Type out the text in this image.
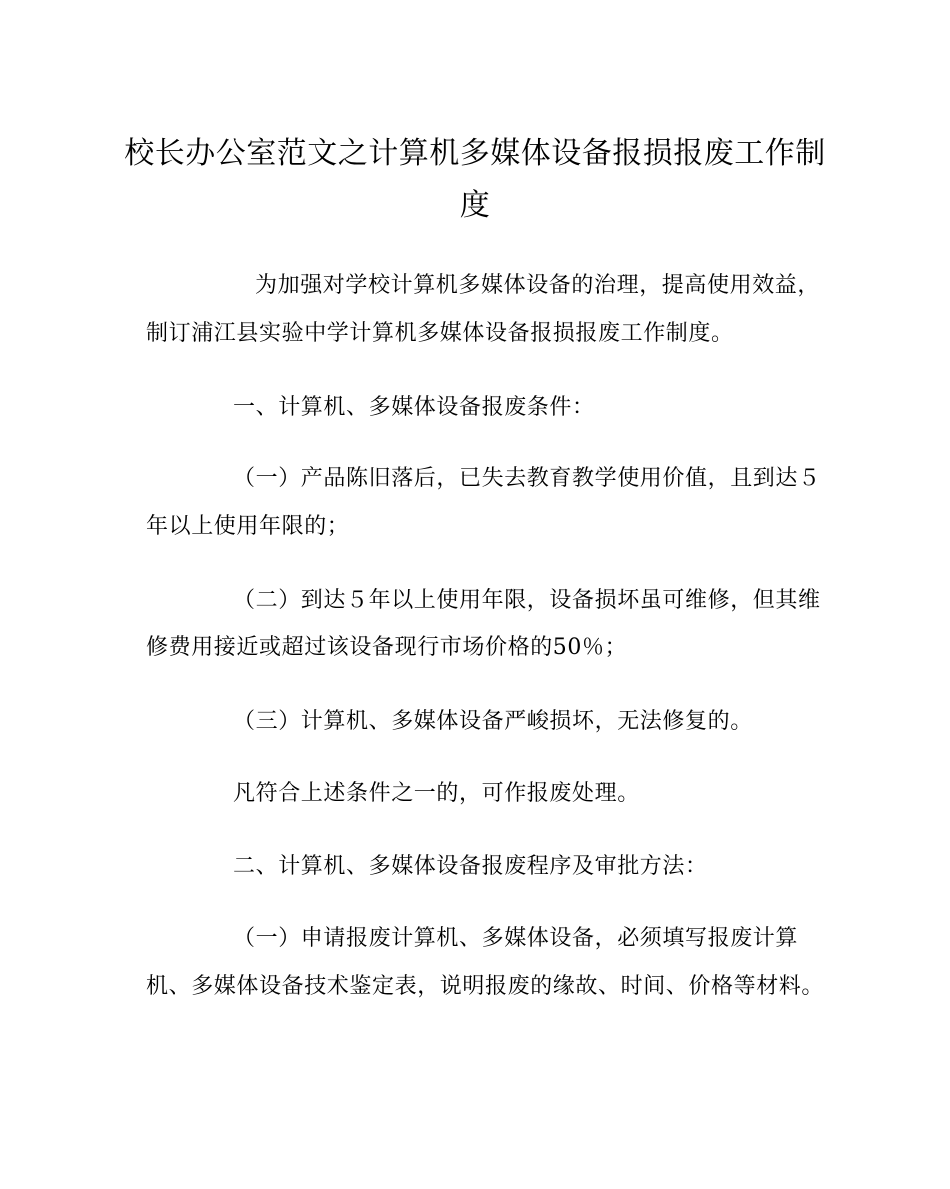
校长办公室范文之计算机多媒体设备报损报废工作制度
为加强对学校计算机多媒体设备的治理，提高使用效益，
制订浦江县实验中学计算机多媒体设备报损报废工作制度。
一、计算机、多媒体设备报废条件：
（一）产品陈旧落后，已失去教育教学使用价值，且到达５
年以上使用年限的；
（二）到达５年以上使用年限，设备损坏虽可维修，但其维
修费用接近或超过该设备现行市场价格的50％；
（三）计算机、多媒体设备严峻损坏，无法修复的。
凡符合上述条件之一的，可作报废处理。
二、计算机、多媒体设备报废程序及审批方法：
（一）申请报废计算机、多媒体设备，必须填写报废计算
机、多媒体设备技术鉴定表，说明报废的缘故、时间、价格等材料。
